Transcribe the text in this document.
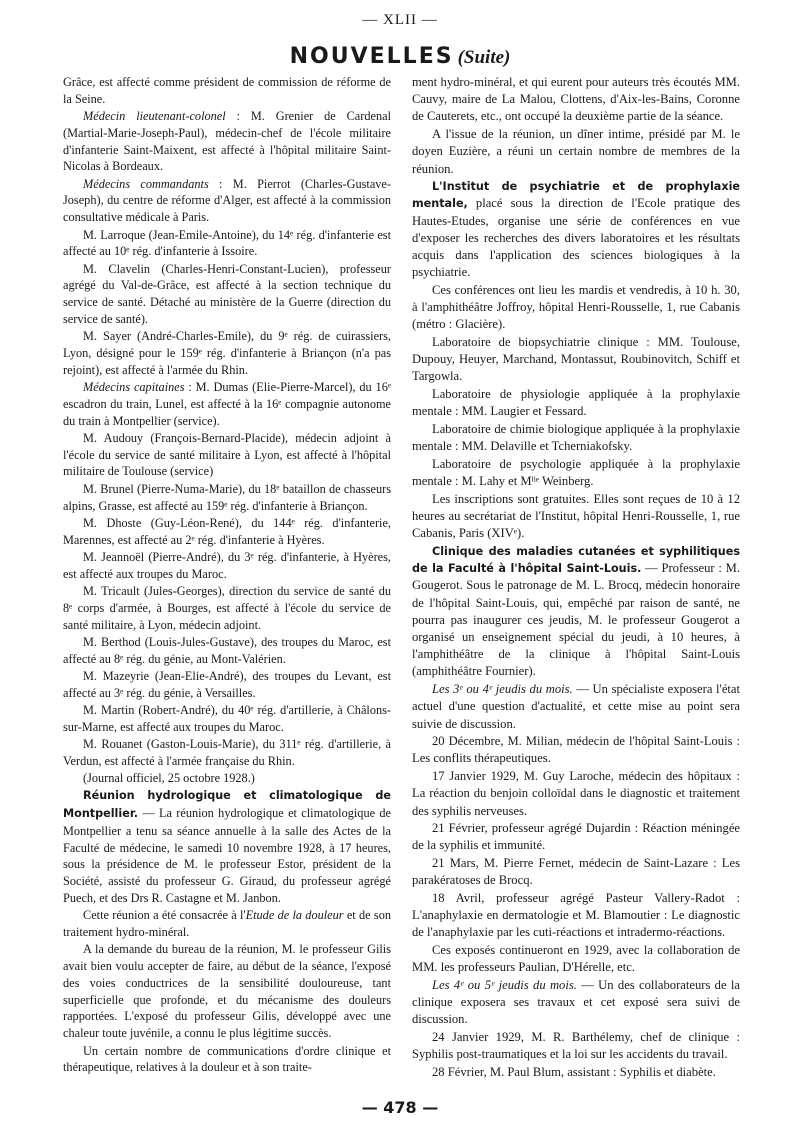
— XLII —
NOUVELLES (Suite)

Grâce, est affecté comme président de commission de réforme de la Seine.

Médecin lieutenant-colonel : M. Grenier de Cardenal (Martial-Marie-Joseph-Paul), médecin-chef de l'école militaire d'infanterie Saint-Maixent, est affecté à l'hôpital militaire Saint-Nicolas à Bordeaux.

Médecins commandants : M. Pierrot (Charles-Gustave-Joseph), du centre de réforme d'Alger, est affecté à la commission consultative médicale à Paris.

M. Larroque (Jean-Emile-Antoine), du 14ᵉ rég. d'infanterie est affecté au 10ᵉ rég. d'infanterie à Issoire.

M. Clavelin (Charles-Henri-Constant-Lucien), professeur agrégé du Val-de-Grâce, est affecté à la section technique du service de santé. Détaché au ministère de la Guerre (direction du service de santé).

M. Sayer (André-Charles-Emile), du 9ᵉ rég. de cuirassiers, Lyon, désigné pour le 159ᵉ rég. d'infanterie à Briançon (n'a pas rejoint), est affecté à l'armée du Rhin.

Médecins capitaines : M. Dumas (Elie-Pierre-Marcel), du 16ᵉ escadron du train, Lunel, est affecté à la 16ᵉ compagnie autonome du train à Montpellier (service).

M. Audouy (François-Bernard-Placide), médecin adjoint à l'école du service de santé militaire à Lyon, est affecté à l'hôpital militaire de Toulouse (service)

M. Brunel (Pierre-Numa-Marie), du 18ᵉ bataillon de chasseurs alpins, Grasse, est affecté au 159ᵉ rég. d'infanterie à Briançon.

M. Dhoste (Guy-Léon-René), du 144ᵉ rég. d'infanterie, Marennes, est affecté au 2ᵉ rég. d'infanterie à Hyères.

M. Jeannoël (Pierre-André), du 3ᵉ rég. d'infanterie, à Hyères, est affecté aux troupes du Maroc.

M. Tricault (Jules-Georges), direction du service de santé du 8ᵉ corps d'armée, à Bourges, est affecté à l'école du service de santé militaire, à Lyon, médecin adjoint.

M. Berthod (Louis-Jules-Gustave), des troupes du Maroc, est affecté au 8ᵉ rég. du génie, au Mont-Valérien.

M. Mazeyrie (Jean-Elie-André), des troupes du Levant, est affecté au 3ᵉ rég. du génie, à Versailles.

M. Martin (Robert-André), du 40ᵉ rég. d'artillerie, à Châlons-sur-Marne, est affecté aux troupes du Maroc.

M. Rouanet (Gaston-Louis-Marie), du 311ᵉ rég. d'artillerie, à Verdun, est affecté à l'armée française du Rhin.

(Journal officiel, 25 octobre 1928.)

Réunion hydrologique et climatologique de Montpellier. — La réunion hydrologique et climatologique de Montpellier a tenu sa séance annuelle à la salle des Actes de la Faculté de médecine, le samedi 10 novembre 1928, à 17 heures, sous la présidence de M. le professeur Estor, président de la Société, assisté du professeur G. Giraud, du professeur agrégé Puech, et des Drs R. Castagne et M. Janbon.

Cette réunion a été consacrée à l'Etude de la douleur et de son traitement hydro-minéral.

A la demande du bureau de la réunion, M. le professeur Gilis avait bien voulu accepter de faire, au début de la séance, l'exposé des voies conductrices de la sensibilité douloureuse, tant superficielle que profonde, et du mécanisme des douleurs rapportées. L'exposé du professeur Gilis, développé avec une chaleur toute juvénile, a connu le plus légitime succès.

Un certain nombre de communications d'ordre clinique et thérapeutique, relatives à la douleur et à son traite-

ment hydro-minéral, et qui eurent pour auteurs très écoutés MM. Cauvy, maire de La Malou, Clottens, d'Aix-les-Bains, Coronne de Cauterets, etc., ont occupé la deuxième partie de la séance.

A l'issue de la réunion, un dîner intime, présidé par M. le doyen Euzière, a réuni un certain nombre de membres de la réunion.

L'Institut de psychiatrie et de prophylaxie mentale, placé sous la direction de l'Ecole pratique des Hautes-Etudes, organise une série de conférences en vue d'exposer les recherches des divers laboratoires et les résultats acquis dans l'application des sciences biologiques à la psychiatrie.

Ces conférences ont lieu les mardis et vendredis, à 10 h. 30, à l'amphithéâtre Joffroy, hôpital Henri-Rousselle, 1, rue Cabanis (métro : Glacière).

Laboratoire de biopsychiatrie clinique : MM. Toulouse, Dupouy, Heuyer, Marchand, Montassut, Roubinovitch, Schiff et Targowla.

Laboratoire de physiologie appliquée à la prophylaxie mentale : MM. Laugier et Fessard.

Laboratoire de chimie biologique appliquée à la prophylaxie mentale : MM. Delaville et Tcherniakofsky.

Laboratoire de psychologie appliquée à la prophylaxie mentale : M. Lahy et Mˡˡᵉ Weinberg.

Les inscriptions sont gratuites. Elles sont reçues de 10 à 12 heures au secrétariat de l'Institut, hôpital Henri-Rousselle, 1, rue Cabanis, Paris (XIVᵉ).

Clinique des maladies cutanées et syphilitiques de la Faculté à l'hôpital Saint-Louis. — Professeur : M. Gougerot. Sous le patronage de M. L. Brocq, médecin honoraire de l'hôpital Saint-Louis, qui, empêché par raison de santé, ne pourra pas inaugurer ces jeudis, M. le professeur Gougerot a organisé un enseignement spécial du jeudi, à 10 heures, à l'amphithéâtre de la clinique à l'hôpital Saint-Louis (amphithéâtre Fournier).

Les 3ᵉ ou 4ᵉ jeudis du mois. — Un spécialiste exposera l'état actuel d'une question d'actualité, et cette mise au point sera suivie de discussion.

20 Décembre, M. Milian, médecin de l'hôpital Saint-Louis : Les conflits thérapeutiques.

17 Janvier 1929, M. Guy Laroche, médecin des hôpitaux : La réaction du benjoin colloïdal dans le diagnostic et traitement des syphilis nerveuses.

21 Février, professeur agrégé Dujardin : Réaction méningée de la syphilis et immunité.

21 Mars, M. Pierre Fernet, médecin de Saint-Lazare : Les parakératoses de Brocq.

18 Avril, professeur agrégé Pasteur Vallery-Radot : L'anaphylaxie en dermatologie et M. Blamoutier : Le diagnostic de l'anaphylaxie par les cuti-réactions et intradermo-réactions.

Ces exposés continueront en 1929, avec la collaboration de MM. les professeurs Paulian, D'Hérelle, etc.

Les 4ᵉ ou 5ᵉ jeudis du mois. — Un des collaborateurs de la clinique exposera ses travaux et cet exposé sera suivi de discussion.

24 Janvier 1929, M. R. Barthélemy, chef de clinique : Syphilis post-traumatiques et la loi sur les accidents du travail.

28 Février, M. Paul Blum, assistant : Syphilis et diabète.

— 478 —
